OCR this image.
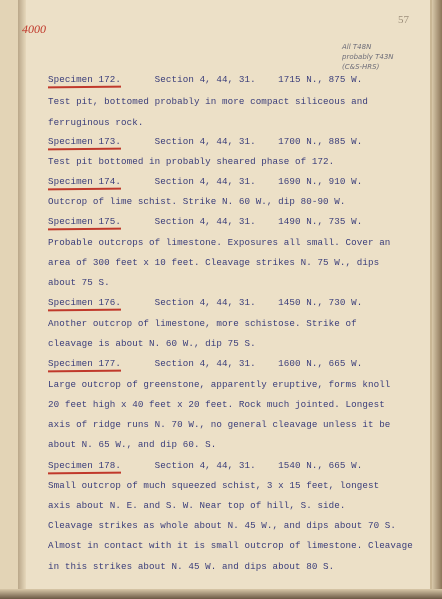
4000
57
All T48N
probably T43N
(C&S-HRS)
Specimen 172.
Section 4, 44, 31.    1715 N., 875 W.
Test pit, bottomed probably in more compact siliceous and
ferruginous rock.
Specimen 173.
Section 4, 44, 31.    1700 N., 885 W.
Test pit bottomed in probably sheared phase of 172.
Specimen 174.
Section 4, 44, 31.    1690 N., 910 W.
Outcrop of lime schist. Strike N. 60 W., dip 80-90 W.
Specimen 175.
Section 4, 44, 31.    1490 N., 735 W.
Probable outcrops of limestone. Exposures all small. Cover an
area of 300 feet x 10 feet. Cleavage strikes N. 75 W., dips
about 75 S.
Specimen 176.
Section 4, 44, 31.    1450 N., 730 W.
Another outcrop of limestone, more schistose. Strike of
cleavage is about N. 60 W., dip 75 S.
Specimen 177.
Section 4, 44, 31.    1600 N., 665 W.
Large outcrop of greenstone, apparently eruptive, forms knoll
20 feet high x 40 feet x 20 feet. Rock much jointed. Longest
axis of ridge runs N. 70 W., no general cleavage unless it be
about N. 65 W., and dip 60. S.
Specimen 178.
Section 4, 44, 31.    1540 N., 665 W.
Small outcrop of much squeezed schist, 3 x 15 feet, longest
axis about N. E. and S. W. Near top of hill, S. side.
Cleavage strikes as whole about N. 45 W., and dips about 70 S.
Almost in contact with it is small outcrop of limestone. Cleavage
in this strikes about N. 45 W. and dips about 80 S.
